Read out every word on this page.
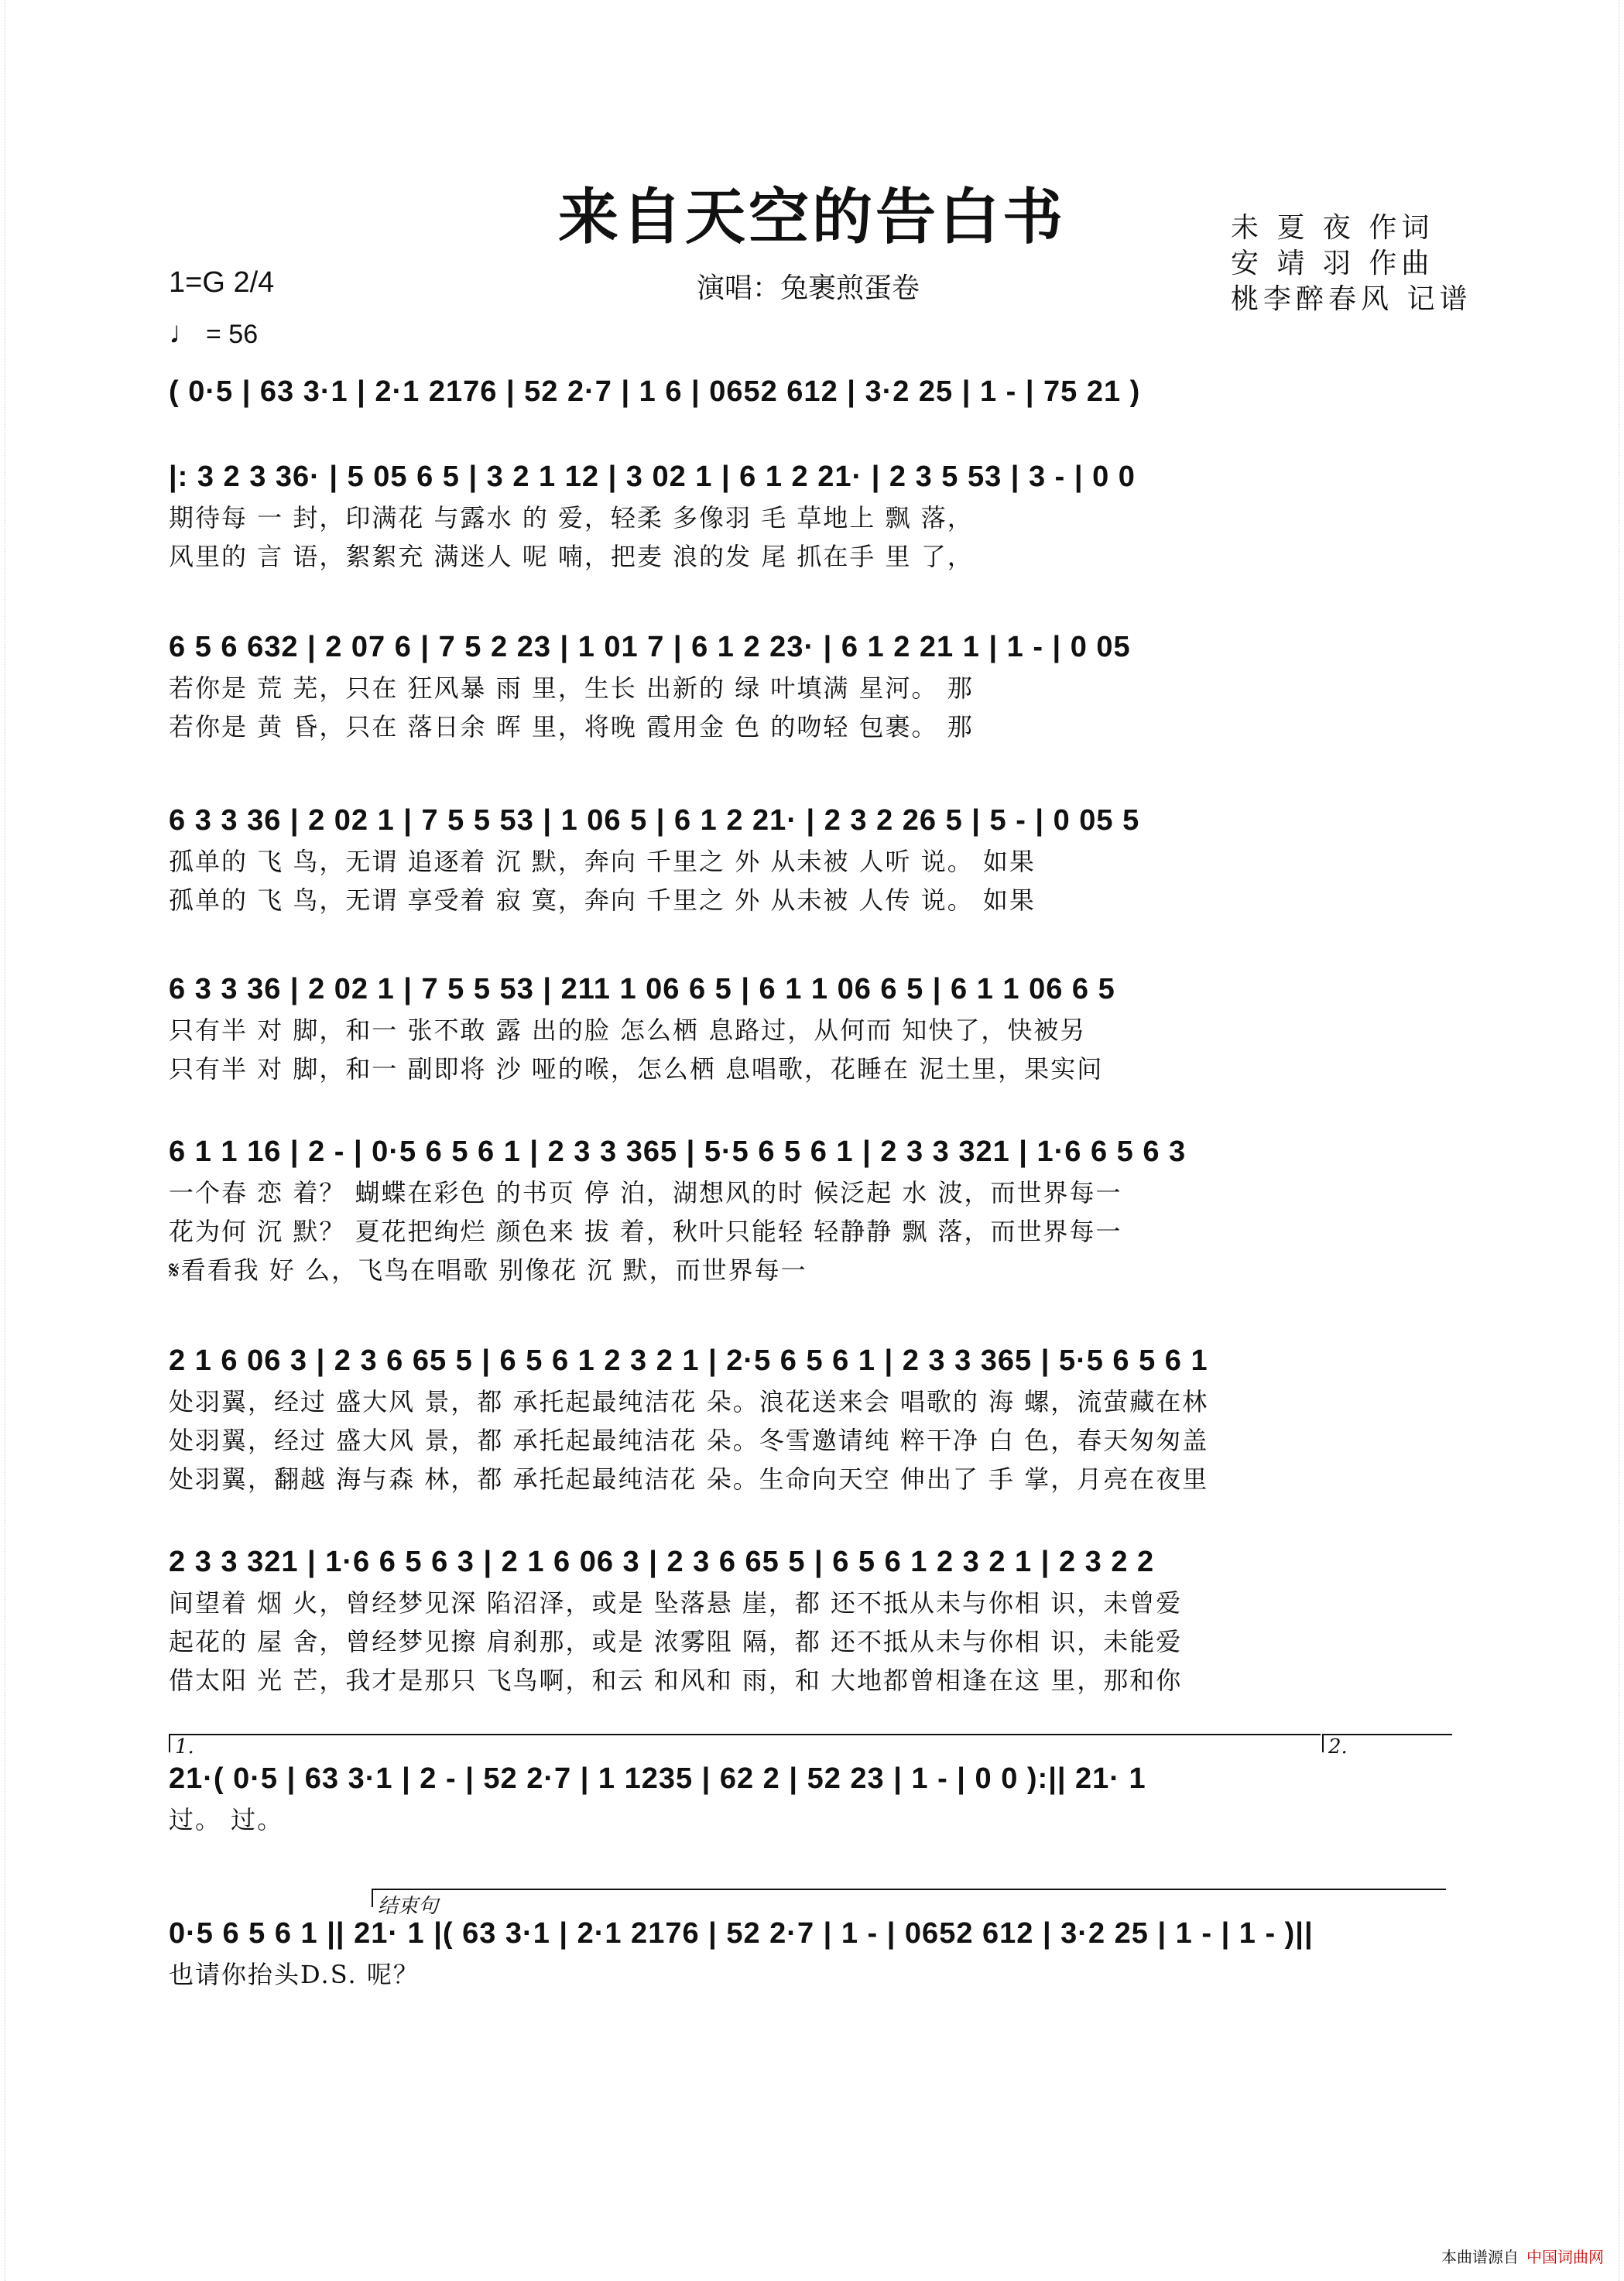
来自天空的告白书	未 夏 夜 作词
安 靖 羽 作曲
桃李醉春风 记谱
演唱：兔裹煎蛋卷
1=G 2/4
♩ = 56
( 0·5 | 63 3·1 | 2·1 2176 | 52 2·7 | 1 6 | 0652 612 | 3·2 25 | 1 - | 75 21 )
|: 3 2 3 36· | 5 05 6 5 | 3 2 1 12 | 3 02 1 | 6 1 2 21· | 2 3 5 53 | 3 - | 0 0
期待每 一 封，印满花 与露水 的 爱，轻柔 多像羽 毛 草地上 飘 落，
风里的 言 语，絮絮充 满迷人 呢 喃，把麦 浪的发 尾 抓在手 里 了，
6 5 6 632 | 2 07 6 | 7 5 2 23 | 1 01 7 | 6 1 2 23· | 6 1 2 21 1 | 1 - | 0 05
若你是 荒 芜，只在 狂风暴 雨 里，生长 出新的 绿 叶填满 星河。 那
若你是 黄 昏，只在 落日余 晖 里，将晚 霞用金 色 的吻轻 包裹。 那
6 3 3 36 | 2 02 1 | 7 5 5 53 | 1 06 5 | 6 1 2 21· | 2 3 2 26 5 | 5 - | 0 05 5
孤单的 飞 鸟，无谓 追逐着 沉 默，奔向 千里之 外 从未被 人听 说。 如果
孤单的 飞 鸟，无谓 享受着 寂 寞，奔向 千里之 外 从未被 人传 说。 如果
6 3 3 36 | 2 02 1 | 7 5 5 53 | 211 1 06 6 5 | 6 1 1 06 6 5 | 6 1 1 06 6 5
只有半 对 脚，和一 张不敢 露 出的脸 怎么栖 息路过，从何而 知快了，快被另
只有半 对 脚，和一 副即将 沙 哑的喉，怎么栖 息唱歌，花睡在 泥土里，果实问
6 1 1 16 | 2 - | 0·5 6 5 6 1 | 2 3 3 365 | 5·5 6 5 6 1 | 2 3 3 321 | 1·6 6 5 6 3
一个春 恋 着？ 蝴蝶在彩色 的书页 停 泊，湖想风的时 候泛起 水 波，而世界每一
花为何 沉 默？ 夏花把绚烂 颜色来 拔 着，秋叶只能轻 轻静静 飘 落，而世界每一
𝄋看看我 好 么，飞鸟在唱歌 别像花 沉 默，而世界每一
2 1 6 06 3 | 2 3 6 65 5 | 6 5 6 1 2 3 2 1 | 2·5 6 5 6 1 | 2 3 3 365 | 5·5 6 5 6 1
处羽翼，经过 盛大风 景，都 承托起最纯洁花 朵。浪花送来会 唱歌的 海 螺，流萤藏在林
处羽翼，经过 盛大风 景，都 承托起最纯洁花 朵。冬雪邀请纯 粹干净 白 色，春天匆匆盖
处羽翼，翻越 海与森 林，都 承托起最纯洁花 朵。生命向天空 伸出了 手 掌，月亮在夜里
2 3 3 321 | 1·6 6 5 6 3 | 2 1 6 06 3 | 2 3 6 65 5 | 6 5 6 1 2 3 2 1 | 2 3 2 2
间望着 烟 火，曾经梦见深 陷沼泽，或是 坠落悬 崖，都 还不抵从未与你相 识，未曾爱
起花的 屋 舍，曾经梦见擦 肩刹那，或是 浓雾阻 隔，都 还不抵从未与你相 识，未能爱
借太阳 光 芒，我才是那只 飞鸟啊，和云 和风和 雨，和 大地都曾相逢在这 里，那和你
1.	2.
21·( 0·5 | 63 3·1 | 2 - | 52 2·7 | 1 1235 | 62 2 | 52 23 | 1 - | 0 0 ):|| 21· 1
过。 过。
结束句
0·5 6 5 6 1 || 21· 1 |( 63 3·1 | 2·1 2176 | 52 2·7 | 1 - | 0652 612 | 3·2 25 | 1 - | 1 - )||
也请你抬头D.S. 呢？
本曲谱源自 中国词曲网
